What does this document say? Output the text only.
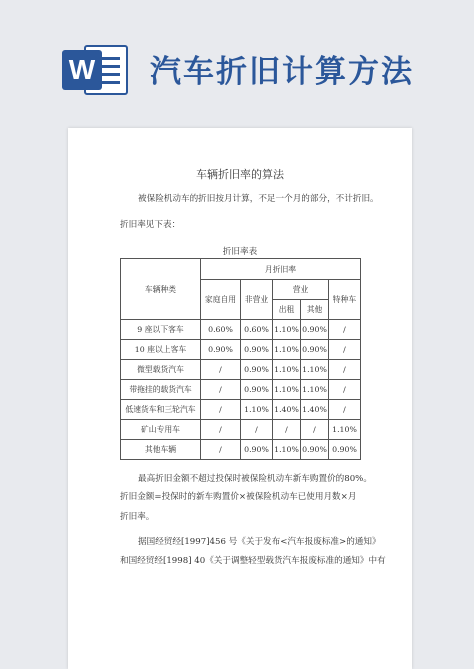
W 汽车折旧计算方法
车辆折旧率的算法

被保险机动车的折旧按月计算，不足一个月的部分，不计折旧。

折旧率见下表：

折旧率表
车辆种类	月折旧率				
	家庭自用	非营业	营业		特种车
			出租	其他	
9 座以下客车	0.60%	0.60%	1.10%	0.90%	/
10 座以上客车	0.90%	0.90%	1.10%	0.90%	/
微型载货汽车	/	0.90%	1.10%	1.10%	/
带拖挂的载货汽车	/	0.90%	1.10%	1.10%	/
低速货车和三轮汽车	/	1.10%	1.40%	1.40%	/
矿山专用车	/	/	/	/	1.10%
其他车辆	/	0.90%	1.10%	0.90%	0.90%

最高折旧金额不超过投保时被保险机动车新车购置价的80%。

折旧金额=投保时的新车购置价×被保险机动车已使用月数×月

折旧率。

据国经贸经[1997]456 号《关于发布<汽车报废标准>的通知》

和国经贸经[1998] 40《关于调整轻型载货汽车报废标准的通知》中有
